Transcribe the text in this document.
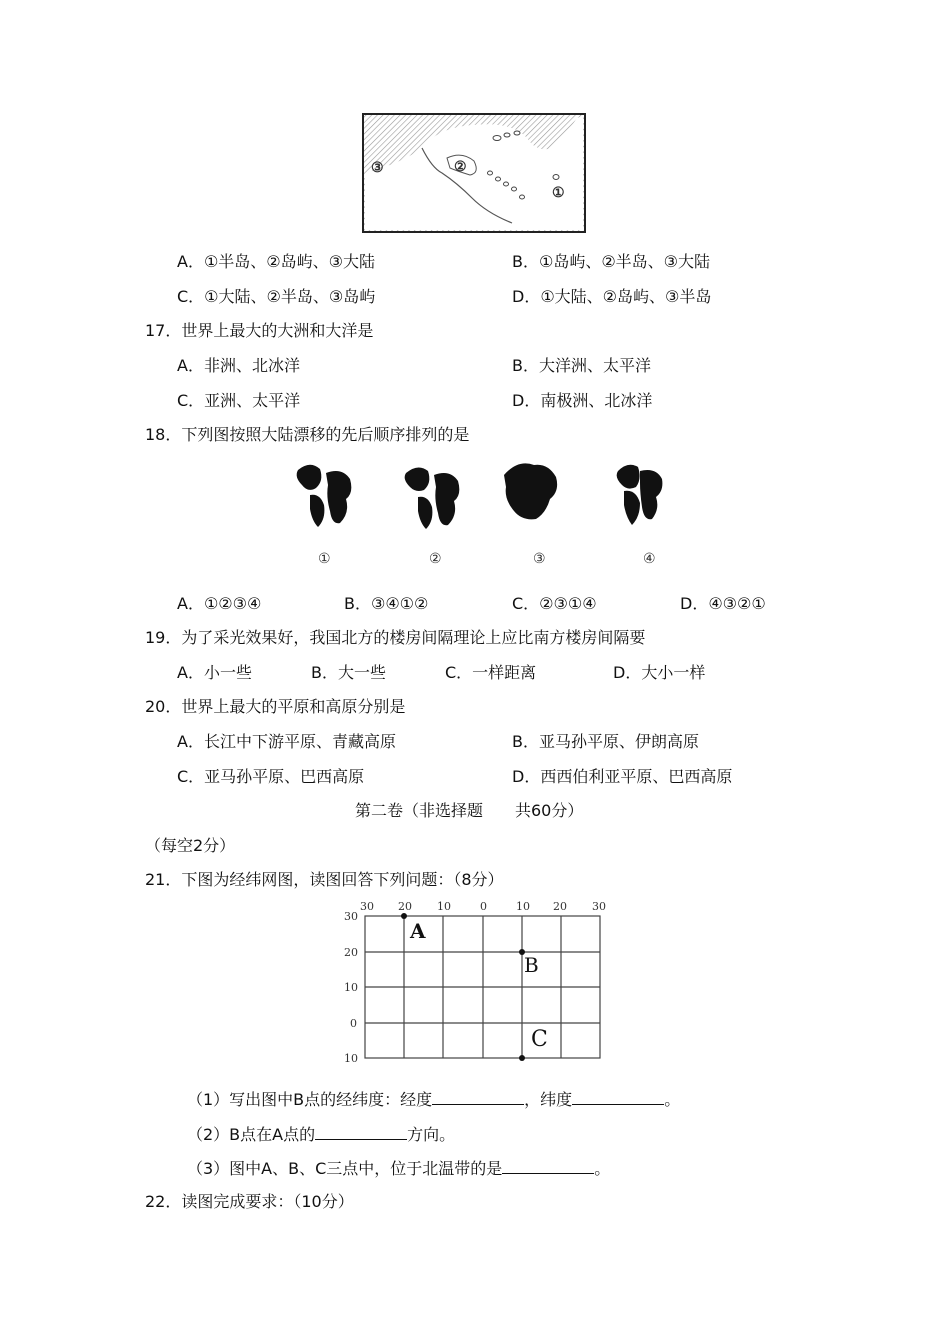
③	②
①
A．①半岛、②岛屿、③大陆	B．①岛屿、②半岛、③大陆
C．①大陆、②半岛、③岛屿	D．①大陆、②岛屿、③半岛
17．世界上最大的大洲和大洋是
A．非洲、北冰洋	B．大洋洲、太平洋
C．亚洲、太平洋	D．南极洲、北冰洋
18．下列图按照大陆漂移的先后顺序排列的是
①	②	③	④
A．①②③④	B．③④①②	C．②③①④	D．④③②①
19．为了采光效果好，我国北方的楼房间隔理论上应比南方楼房间隔要
A．小一些	B．大一些	C．一样距离	D．大小一样
20．世界上最大的平原和高原分别是
A．长江中下游平原、青藏高原	B．亚马孙平原、伊朗高原
C．亚马孙平原、巴西高原	D．西西伯利亚平原、巴西高原
第二卷（非选择题　　共60分）
（每空2分）
21．下图为经纬网图，读图回答下列问题：（8分）
30 20 10	0	10 20 30
30
20
10
0
10
A
B
C
（1）写出图中B点的经纬度：经度	，纬度	。
（2）B点在A点的	方向。
（3）图中A、B、C三点中，位于北温带的是	。
22．读图完成要求：（10分）
